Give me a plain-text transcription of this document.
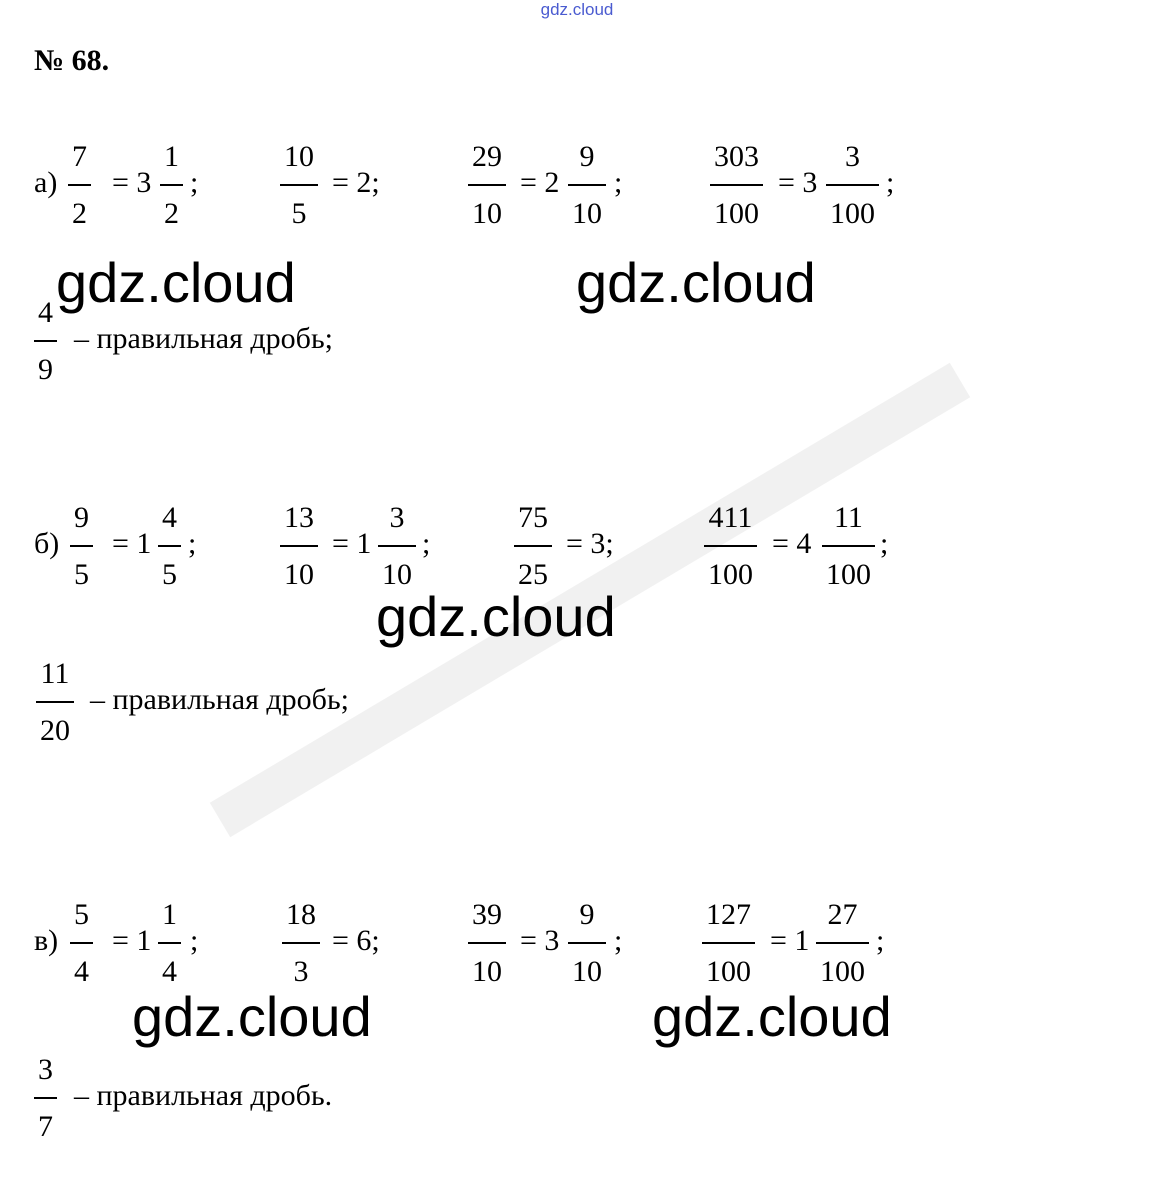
gdz.cloud
№ 68.
а)
7
2
= 3
1
2
;
10
5
= 2;
29
10
= 2
9
10
;
303
100
= 3
3
100
;
gdz.cloud	gdz.cloud
4
9
– правильная дробь;
б)
9
5
= 1
4
5
;
13
10
= 1
3
10
;
75
25
= 3;
411
100
= 4
11
100
;
gdz.cloud
11
20
– правильная дробь;
в)
5
4
= 1
1
4
;
18
3
= 6;
39
10
= 3
9
10
;
127
100
= 1
27
100
;
gdz.cloud	gdz.cloud
3
7
– правильная дробь.
